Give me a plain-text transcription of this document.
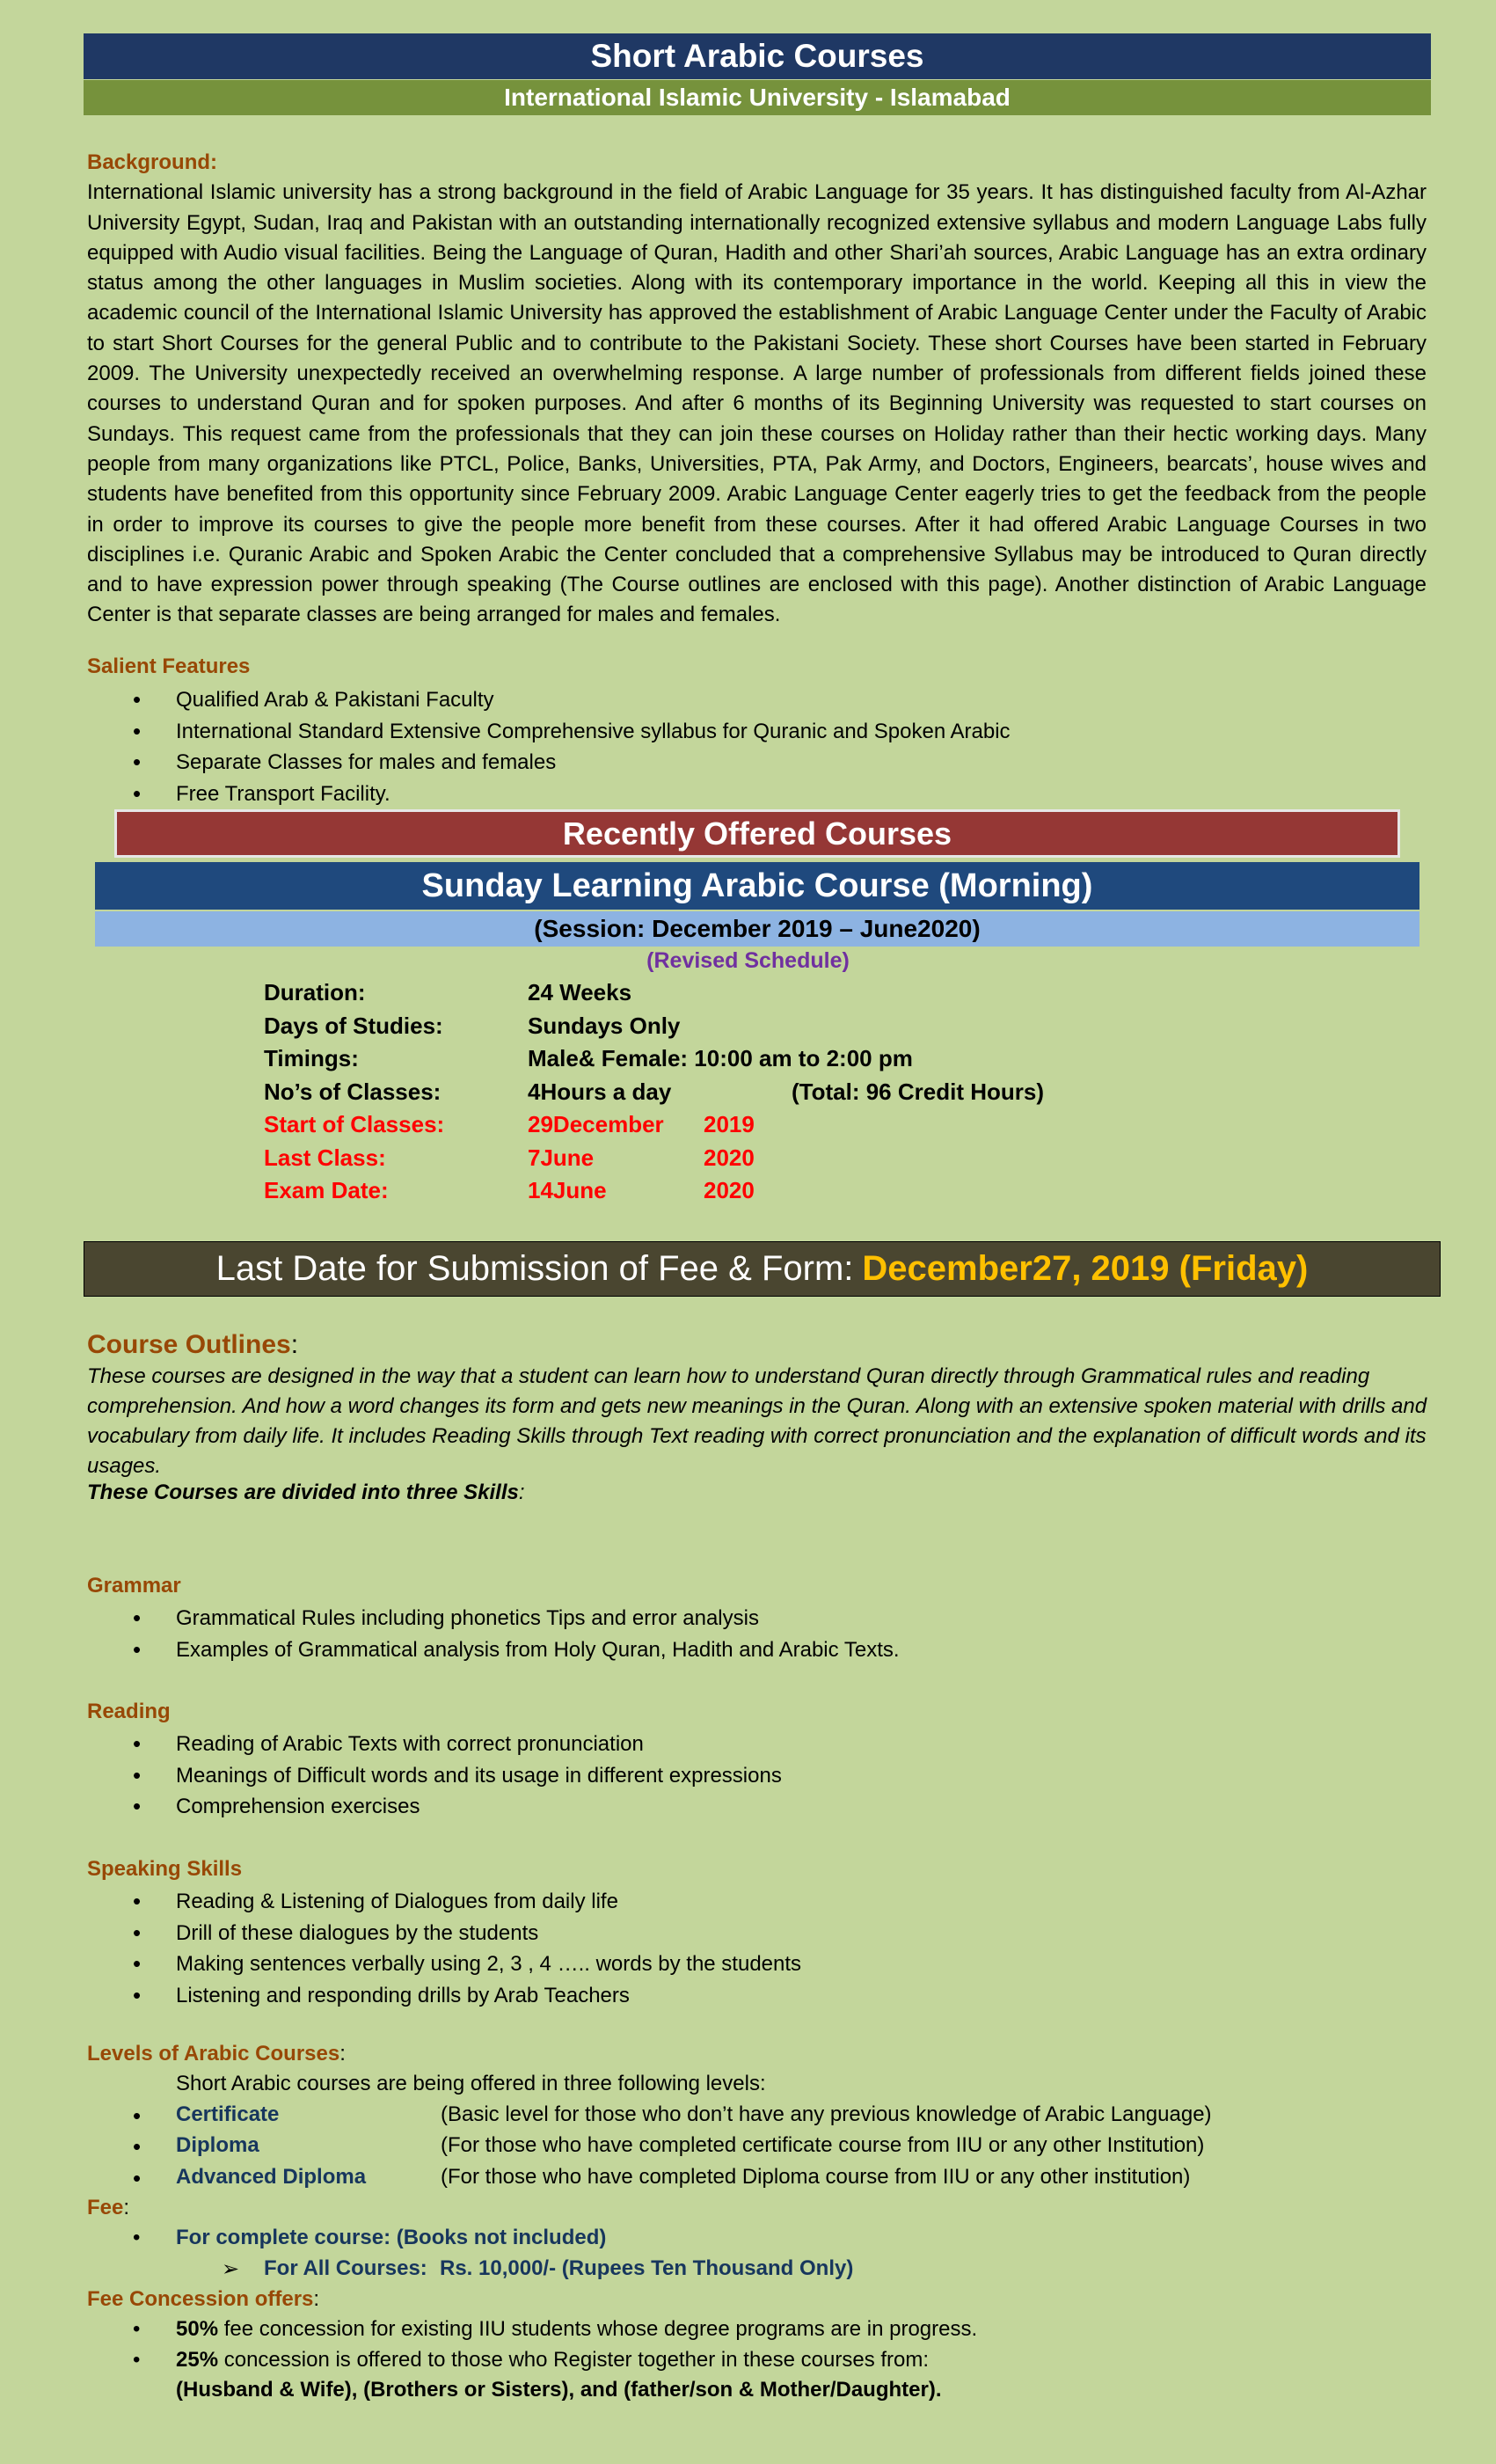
Short Arabic Courses
International Islamic University - Islamabad
Background:
International Islamic university has a strong background in the field of Arabic Language for 35 years. It has distinguished faculty from Al-Azhar University Egypt, Sudan, Iraq and Pakistan with an outstanding internationally recognized extensive syllabus and modern Language Labs fully equipped with Audio visual facilities. Being the Language of Quran, Hadith and other Shari’ah sources, Arabic Language has an extra ordinary status among the other languages in Muslim societies. Along with its contemporary importance in the world. Keeping all this in view the academic council of the International Islamic University has approved the establishment of Arabic Language Center under the Faculty of Arabic to start Short Courses for the general Public and to contribute to the Pakistani Society. These short Courses have been started in February 2009. The University unexpectedly received an overwhelming response. A large number of professionals from different fields joined these courses to understand Quran and for spoken purposes. And after 6 months of its Beginning University was requested to start courses on Sundays. This request came from the professionals that they can join these courses on Holiday rather than their hectic working days. Many people from many organizations like PTCL, Police, Banks, Universities, PTA, Pak Army, and Doctors, Engineers, bearcats’, house wives and students have benefited from this opportunity since February 2009. Arabic Language Center eagerly tries to get the feedback from the people in order to improve its courses to give the people more benefit from these courses. After it had offered Arabic Language Courses in two disciplines i.e. Quranic Arabic and Spoken Arabic the Center concluded that a comprehensive Syllabus may be introduced to Quran directly and to have expression power through speaking (The Course outlines are enclosed with this page). Another distinction of Arabic Language Center is that separate classes are being arranged for males and females.
Salient Features
• Qualified Arab & Pakistani Faculty
• International Standard Extensive Comprehensive syllabus for Quranic and Spoken Arabic
• Separate Classes for males and females
• Free Transport Facility.
Recently Offered Courses
Sunday Learning Arabic Course (Morning)
(Session: December 2019 – June2020)
(Revised Schedule)
Duration:	24 Weeks
Days of Studies:	Sundays Only
Timings:	Male& Female: 10:00 am to 2:00 pm
No’s of Classes:	4Hours a day	(Total: 96 Credit Hours)
Start of Classes:	29December 2019
Last Class:	7June	2020
Exam Date:	14June	2020
Last Date for Submission of Fee & Form: December27, 2019 (Friday)
Course Outlines:
These courses are designed in the way that a student can learn how to understand Quran directly through Grammatical rules and reading comprehension. And how a word changes its form and gets new meanings in the Quran. Along with an extensive spoken material with drills and vocabulary from daily life. It includes Reading Skills through Text reading with correct pronunciation and the explanation of difficult words and its usages.
These Courses are divided into three Skills:
Grammar
• Grammatical Rules including phonetics Tips and error analysis
• Examples of Grammatical analysis from Holy Quran, Hadith and Arabic Texts.
Reading
• Reading of Arabic Texts with correct pronunciation
• Meanings of Difficult words and its usage in different expressions
• Comprehension exercises
Speaking Skills
• Reading & Listening of Dialogues from daily life
• Drill of these dialogues by the students
• Making sentences verbally using 2, 3 , 4 ….. words by the students
• Listening and responding drills by Arab Teachers
Levels of Arabic Courses:
Short Arabic courses are being offered in three following levels:
• Certificate	(Basic level for those who don’t have any previous knowledge of Arabic Language)
• Diploma	(For those who have completed certificate course from IIU or any other Institution)
• Advanced Diploma	(For those who have completed Diploma course from IIU or any other institution)
Fee:
• For complete course: (Books not included)
➢ For All Courses: Rs. 10,000/- (Rupees Ten Thousand Only)
Fee Concession offers:
• 50% fee concession for existing IIU students whose degree programs are in progress.
• 25% concession is offered to those who Register together in these courses from:
(Husband & Wife), (Brothers or Sisters), and (father/son & Mother/Daughter).
